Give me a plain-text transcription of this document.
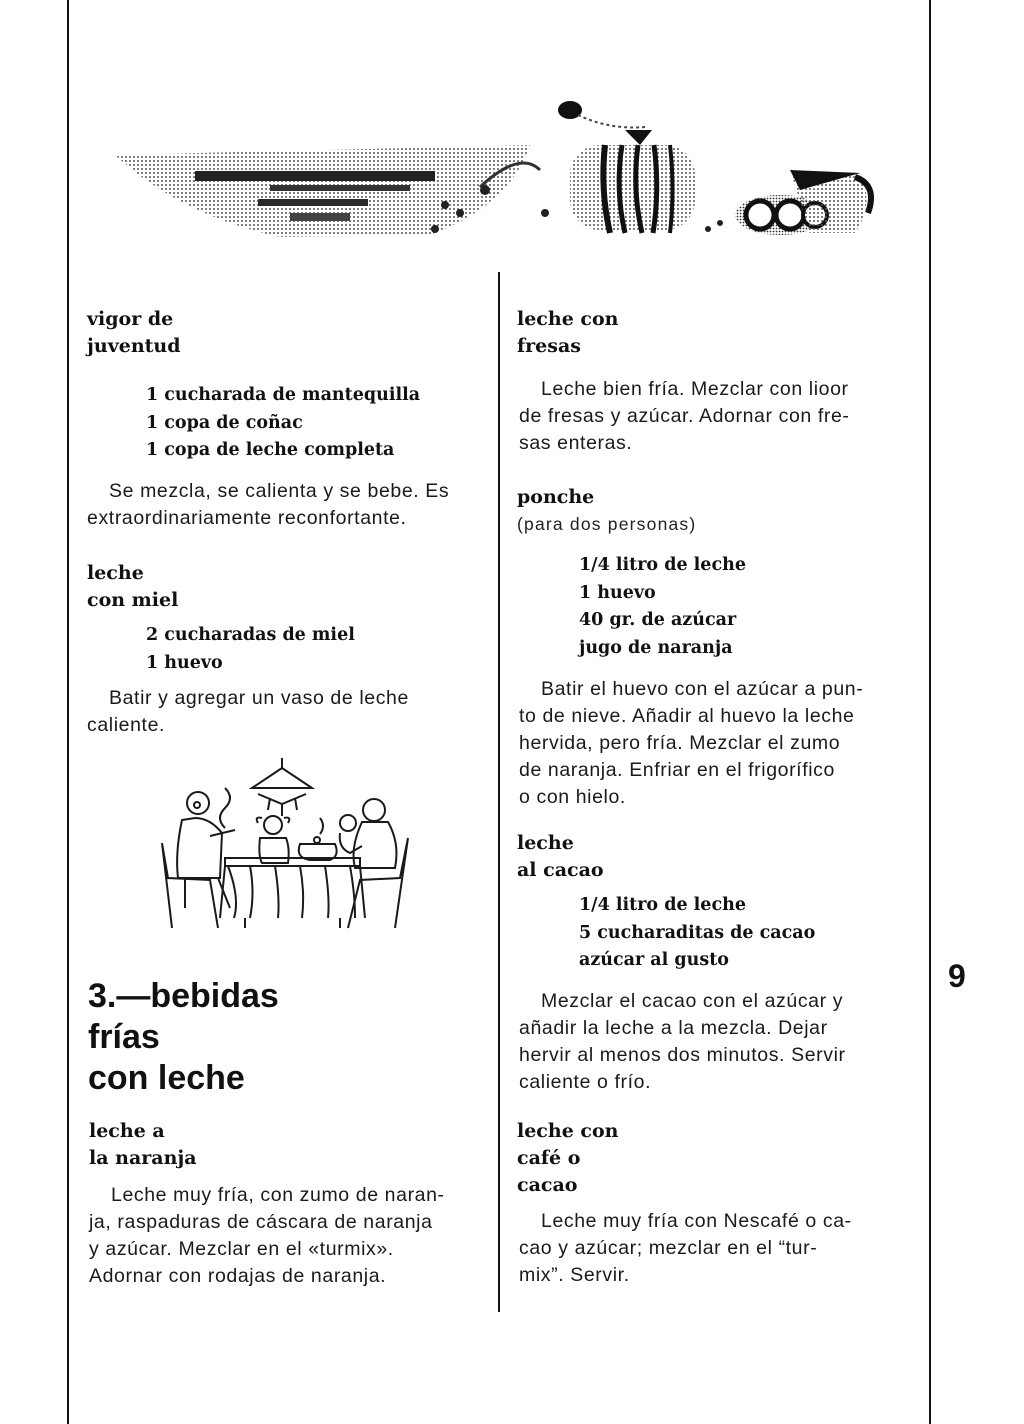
vigor de
juventud
1 cucharada de mantequilla
1 copa de coñac
1 copa de leche completa
Se mezcla, se calienta y se bebe. Es
extraordinariamente reconfortante.
leche
con miel
2 cucharadas de miel
1 huevo
Batir y agregar un vaso de leche
caliente.
3.—bebidas
frías
con leche
leche a
la naranja
Leche muy fría, con zumo de naran-
ja, raspaduras de cáscara de naranja
y azúcar. Mezclar en el «turmix».
Adornar con rodajas de naranja.
leche con
fresas
Leche bien fría. Mezclar con lioor
de fresas y azúcar. Adornar con fre-
sas enteras.
ponche
(para dos personas)
1/4 litro de leche
1 huevo
40 gr. de azúcar
jugo de naranja
Batir el huevo con el azúcar a pun-
to de nieve. Añadir al huevo la leche
hervida, pero fría. Mezclar el zumo
de naranja. Enfriar en el frigorífico
o con hielo.
leche
al cacao
1/4 litro de leche
5 cucharaditas de cacao
azúcar al gusto
Mezclar el cacao con el azúcar y
añadir la leche a la mezcla. Dejar
hervir al menos dos minutos. Servir
caliente o frío.
leche con
café o
cacao
Leche muy fría con Nescafé o ca-
cao y azúcar; mezclar en el “tur-
mix”. Servir.
9
